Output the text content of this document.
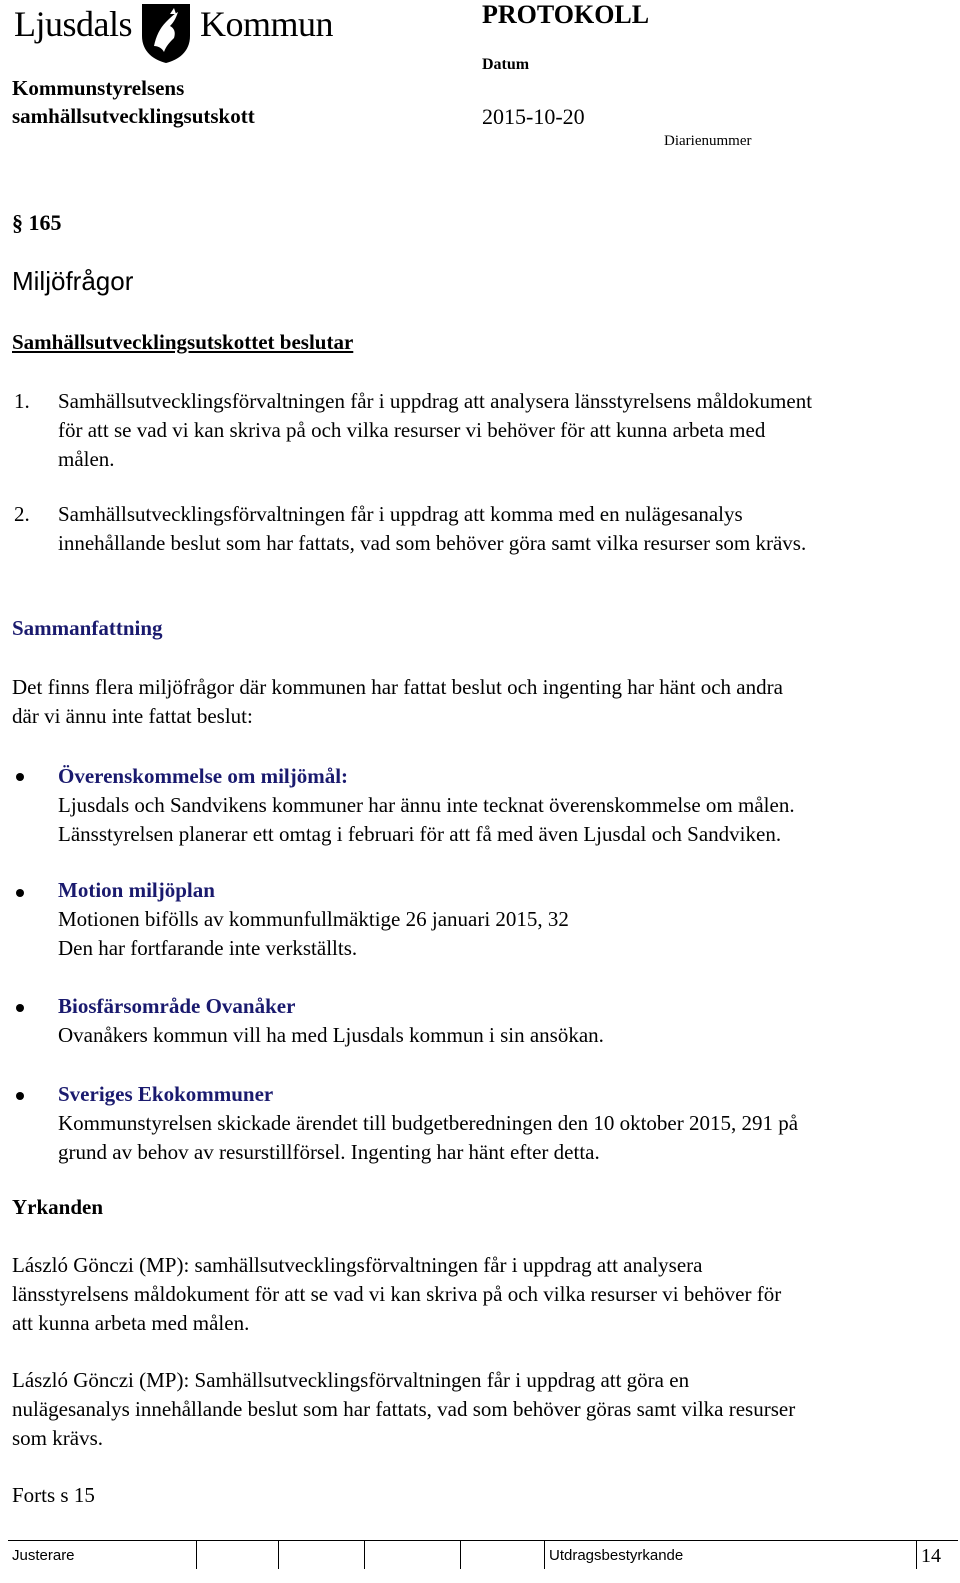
Ljusdals Kommun	PROTOKOLL
Datum
2015-10-20
Diarienummer
Kommunstyrelsens
samhällsutvecklingsutskott
§ 165
Miljöfrågor
Samhällsutvecklingsutskottet beslutar
1. Samhällsutvecklingsförvaltningen får i uppdrag att analysera länsstyrelsens måldokument
för att se vad vi kan skriva på och vilka resurser vi behöver för att kunna arbeta med
målen.
2. Samhällsutvecklingsförvaltningen får i uppdrag att komma med en nulägesanalys
innehållande beslut som har fattats, vad som behöver göra samt vilka resurser som krävs.
Sammanfattning
Det finns flera miljöfrågor där kommunen har fattat beslut och ingenting har hänt och andra
där vi ännu inte fattat beslut:
Överenskommelse om miljömål:
Ljusdals och Sandvikens kommuner har ännu inte tecknat överenskommelse om målen.
Länsstyrelsen planerar ett omtag i februari för att få med även Ljusdal och Sandviken.
Motion miljöplan
Motionen bifölls av kommunfullmäktige 26 januari 2015, 32
Den har fortfarande inte verkställts.
Biosfärsområde Ovanåker
Ovanåkers kommun vill ha med Ljusdals kommun i sin ansökan.
Sveriges Ekokommuner
Kommunstyrelsen skickade ärendet till budgetberedningen den 10 oktober 2015, 291 på
grund av behov av resurstillförsel. Ingenting har hänt efter detta.
Yrkanden
László Gönczi (MP): samhällsutvecklingsförvaltningen får i uppdrag att analysera
länsstyrelsens måldokument för att se vad vi kan skriva på och vilka resurser vi behöver för
att kunna arbeta med målen.
László Gönczi (MP): Samhällsutvecklingsförvaltningen får i uppdrag att göra en
nulägesanalys innehållande beslut som har fattats, vad som behöver göras samt vilka resurser
som krävs.
Forts s 15
Justerare	Utdragsbestyrkande	14
